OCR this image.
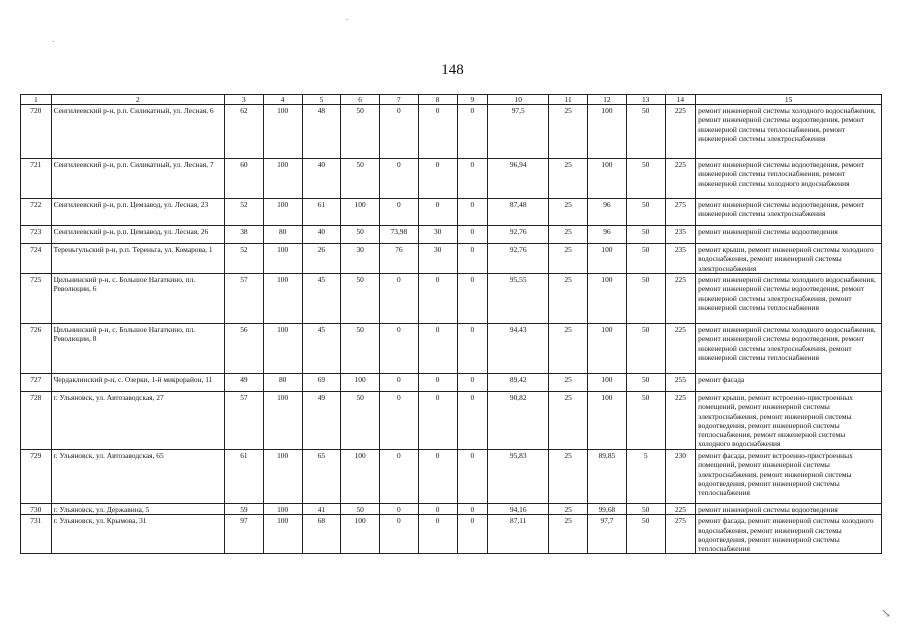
148
1	2	3	4	5	6	7	8	9	10	11	12	13	14	15
720	Сенгилеевский р-н, р.п. Силикатный, ул. Лесная, 6	62	100	48	50	0	0	0	97,5	25	100	50	225	ремонт инженерной системы холодного водоснабжения, ремонт инженерной системы водоотведения, ремонт инженерной системы теплоснабжения, ремонт инженерной системы электроснабжения
721	Сенгилеевский р-н, р.п. Силикатный, ул. Лесная, 7	60	100	40	50	0	0	0	96,94	25	100	50	225	ремонт инженерной системы водоотведения, ремонт инженерной системы теплоснабжения, ремонт инженерной системы холодного водоснабжения
722	Сенгилеевский р-н, р.п. Цемзавод, ул. Лесная, 23	52	100	61	100	0	0	0	87,48	25	96	50	275	ремонт инженерной системы водоотведения, ремонт инженерной системы электроснабжения
723	Сенгилеевский р-н, р.п. Цемзавод, ул. Лесная, 26	38	80	40	50	73,98	30	0	92,76	25	96	50	235	ремонт инженерной системы водоотведения
724	Тереньгульский р-н, р.п. Тереньга, ул. Комарова, 1	52	100	26	30	76	30	0	92,76	25	100	50	235	ремонт крыши, ремонт инженерной системы холодного водоснабжения, ремонт инженерной системы электроснабжения
725	Цильнинский р-н, с. Большое Нагаткино, пл. Революции, 6	57	100	45	50	0	0	0	95,55	25	100	50	225	ремонт инженерной системы холодного водоснабжения, ремонт инженерной системы водоотведения, ремонт инженерной системы электроснабжения, ремонт инженерной системы теплоснабжения
726	Цильнинский р-н, с. Большое Нагаткино, пл. Революции, 8	56	100	45	50	0	0	0	94,43	25	100	50	225	ремонт инженерной системы холодного водоснабжения, ремонт инженерной системы водоотведения, ремонт инженерной системы электроснабжения, ремонт инженерной системы теплоснабжения
727	Чердаклинский р-н, с. Озерки, 1-й микрорайон, 11	49	80	69	100	0	0	0	89,42	25	100	50	255	ремонт фасада
728	г. Ульяновск, ул. Автозаводская, 27	57	100	49	50	0	0	0	90,82	25	100	50	225	ремонт крыши, ремонт встроенно-пристроенных помещений, ремонт инженерной системы электроснабжения, ремонт инженерной системы водоотведения, ремонт инженерной системы теплоснабжения, ремонт инженерной системы холодного водоснабжения
729	г. Ульяновск, ул. Автозаводская, 65	61	100	65	100	0	0	0	95,83	25	89,85	5	230	ремонт фасада, ремонт встроенно-пристроенных помещений, ремонт инженерной системы электроснабжения, ремонт инженерной системы водоотведения, ремонт инженерной системы теплоснабжения
730	г. Ульяновск, ул. Державина, 5	59	100	41	50	0	0	0	94,16	25	99,68	50	225	ремонт инженерной системы водоотведения
731	г. Ульяновск, ул. Крымова, 31	97	100	68	100	0	0	0	87,11	25	97,7	50	275	ремонт фасада, ремонт инженерной системы холодного водоснабжения, ремонт инженерной системы водоотведения, ремонт инженерной системы теплоснабжения
.
.
↘
